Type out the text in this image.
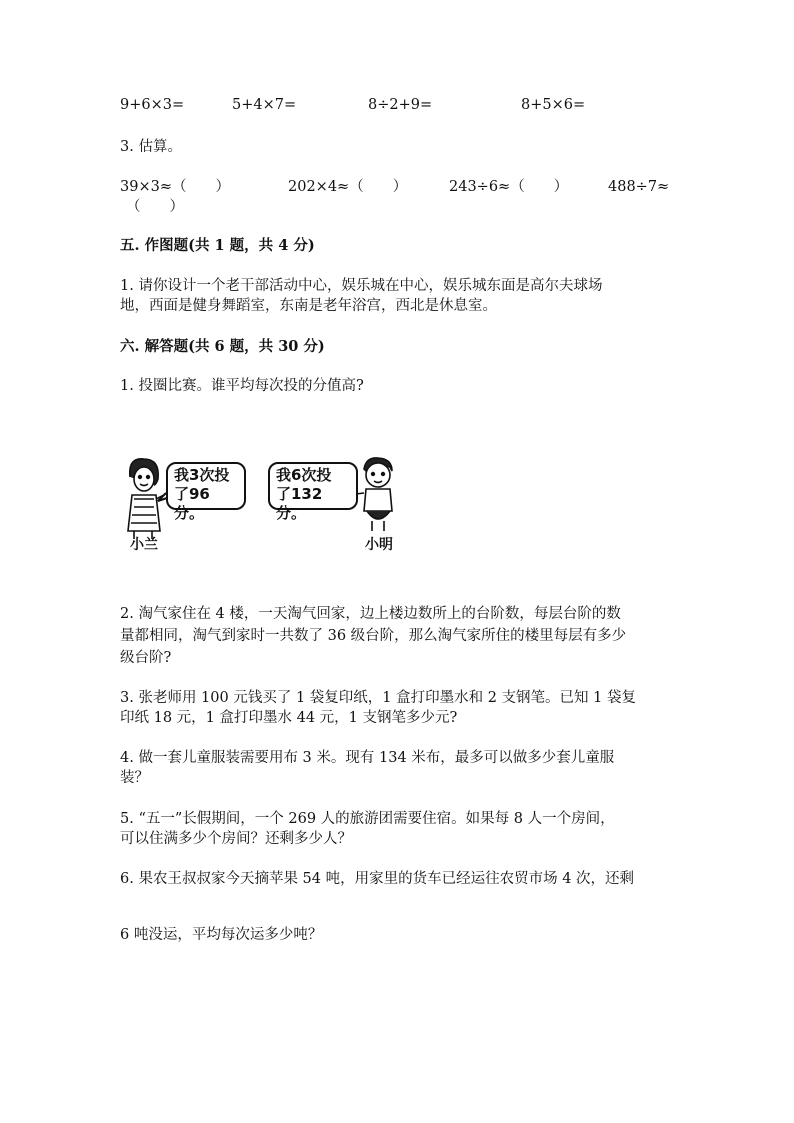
9+6×3=	5+4×7=	8÷2+9=	8+5×6=
3. 估算。
39×3≈（　　）	202×4≈（　　）	243÷6≈（　　）	488÷7≈
（　　）
五. 作图题(共 1 题，共 4 分)
1. 请你设计一个老干部活动中心，娱乐城在中心，娱乐城东面是高尔夫球场
地，西面是健身舞蹈室，东南是老年浴宫，西北是休息室。
六. 解答题(共 6 题，共 30 分)
1. 投圈比赛。谁平均每次投的分值高?
我3次投
了96分。
我6次投
了132分。
小兰	小明
2. 淘气家住在 4 楼，一天淘气回家，边上楼边数所上的台阶数，每层台阶的数
量都相同，淘气到家时一共数了 36 级台阶，那么淘气家所住的楼里每层有多少
级台阶?
3. 张老师用 100 元钱买了 1 袋复印纸，1 盒打印墨水和 2 支钢笔。已知 1 袋复
印纸 18 元，1 盒打印墨水 44 元，1 支钢笔多少元?
4. 做一套儿童服装需要用布 3 米。现有 134 米布，最多可以做多少套儿童服
装？
5. “五一”长假期间，一个 269 人的旅游团需要住宿。如果每 8 人一个房间，
可以住满多少个房间？还剩多少人？
6. 果农王叔叔家今天摘苹果 54 吨，用家里的货车已经运往农贸市场 4 次，还剩
6 吨没运，平均每次运多少吨？
